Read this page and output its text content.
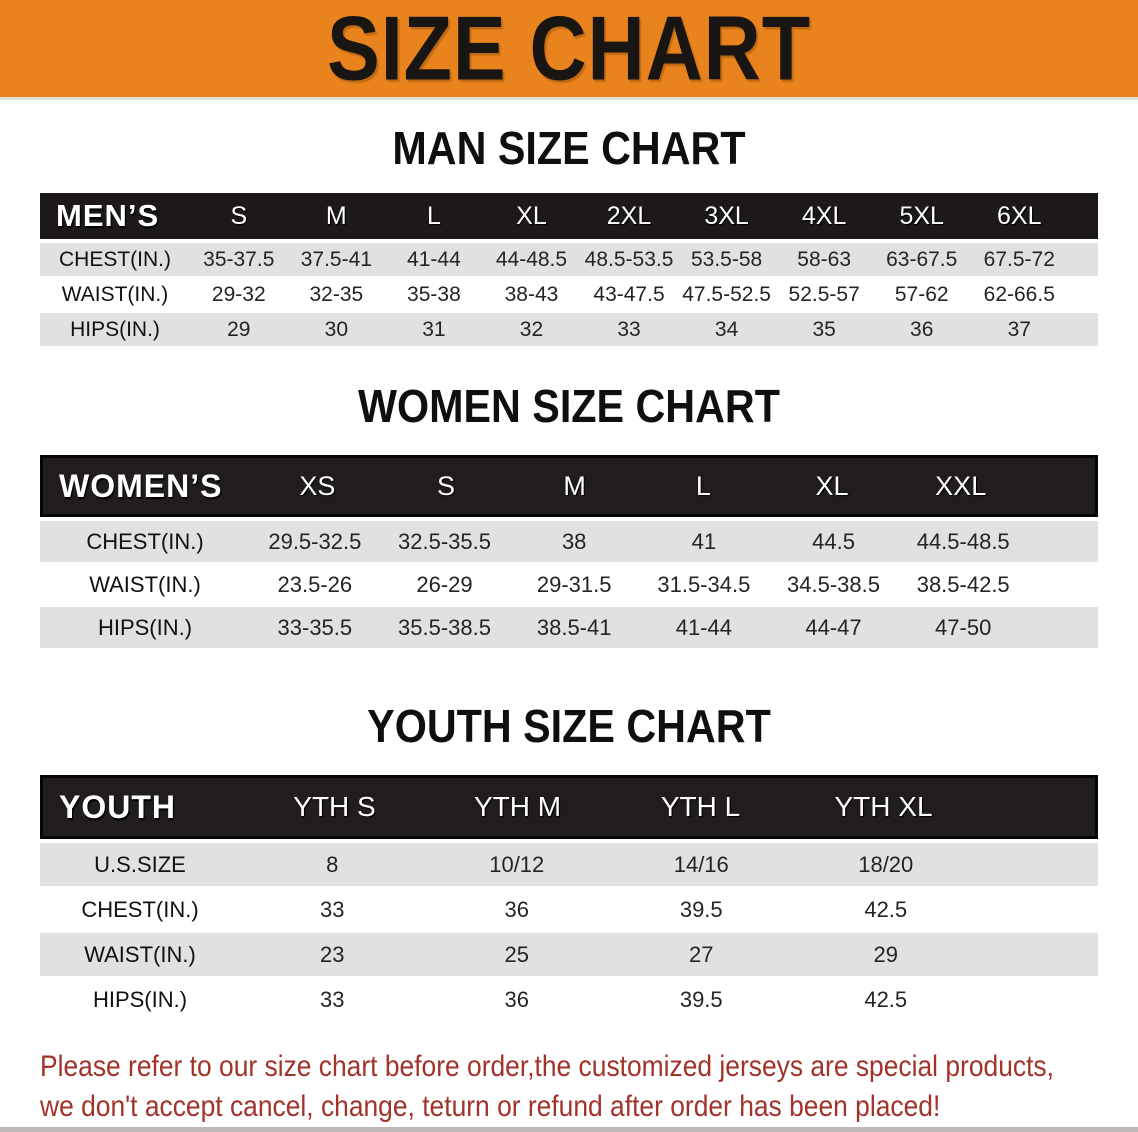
SIZE CHART
MAN SIZE CHART
MEN’S	S	M	L	XL	2XL	3XL	4XL	5XL	6XL
CHEST(IN.)	35-37.5	37.5-41	41-44	44-48.5 48.5-53.5 53.5-58	58-63	63-67.5	67.5-72
WAIST(IN.)	29-32	32-35	35-38	38-43	43-47.5 47.5-52.5 52.5-57	57-62	62-66.5
HIPS(IN.)	29	30	31	32	33	34	35	36	37
WOMEN SIZE CHART
WOMEN’S	XS	S	M	L	XL	XXL
CHEST(IN.)	29.5-32.5	32.5-35.5	38	41	44.5	44.5-48.5
WAIST(IN.)	23.5-26	26-29	29-31.5	31.5-34.5	34.5-38.5	38.5-42.5
HIPS(IN.)	33-35.5	35.5-38.5	38.5-41	41-44	44-47	47-50
YOUTH SIZE CHART
YOUTH	YTH S	YTH M	YTH L	YTH XL
U.S.SIZE	8	10/12	14/16	18/20
CHEST(IN.)	33	36	39.5	42.5
WAIST(IN.)	23	25	27	29
HIPS(IN.)	33	36	39.5	42.5

Please refer to our size chart before order,the customized jerseys are special products,

we don't accept cancel, change, teturn or refund after order has been placed!
